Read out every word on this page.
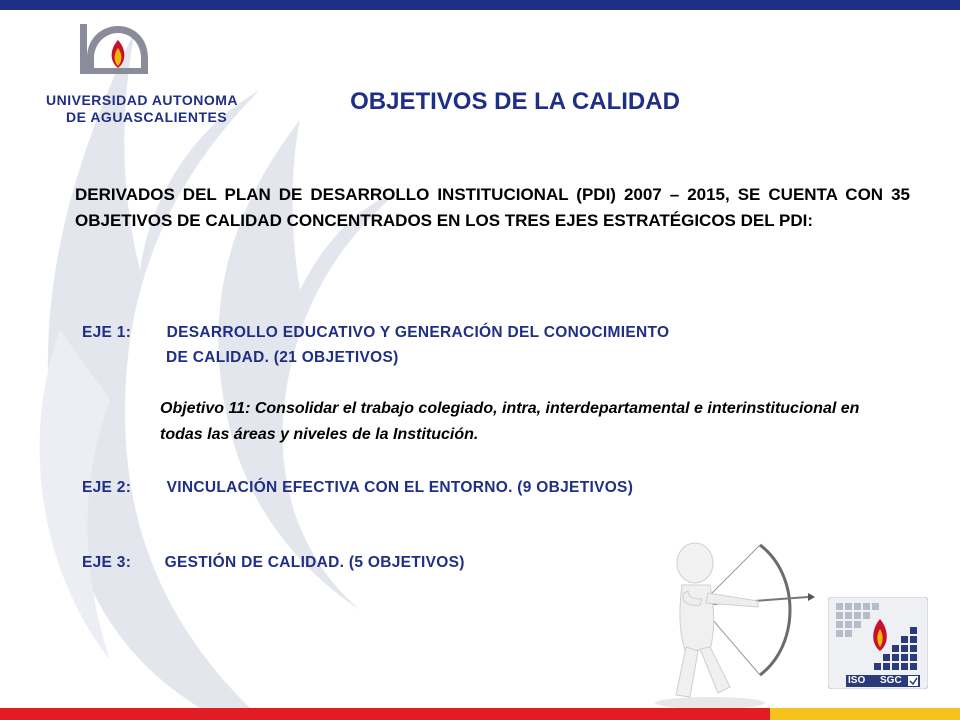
UNIVERSIDAD AUTONOMA
DE AGUASCALIENTES
OBJETIVOS DE LA CALIDAD
DERIVADOS DEL PLAN DE DESARROLLO INSTITUCIONAL (PDI) 2007 – 2015, SE CUENTA CON 35 OBJETIVOS DE CALIDAD CONCENTRADOS EN LOS TRES EJES ESTRATÉGICOS DEL PDI:
EJE 1: DESARROLLO EDUCATIVO Y GENERACIÓN DEL CONOCIMIENTO
DE CALIDAD. (21 OBJETIVOS)
Objetivo 11: Consolidar el trabajo colegiado, intra, interdepartamental e interinstitucional en todas las áreas y niveles de la Institución.
EJE 2: VINCULACIÓN EFECTIVA CON EL ENTORNO. (9 OBJETIVOS)
EJE 3: GESTIÓN DE CALIDAD. (5 OBJETIVOS)
ISO SGC
